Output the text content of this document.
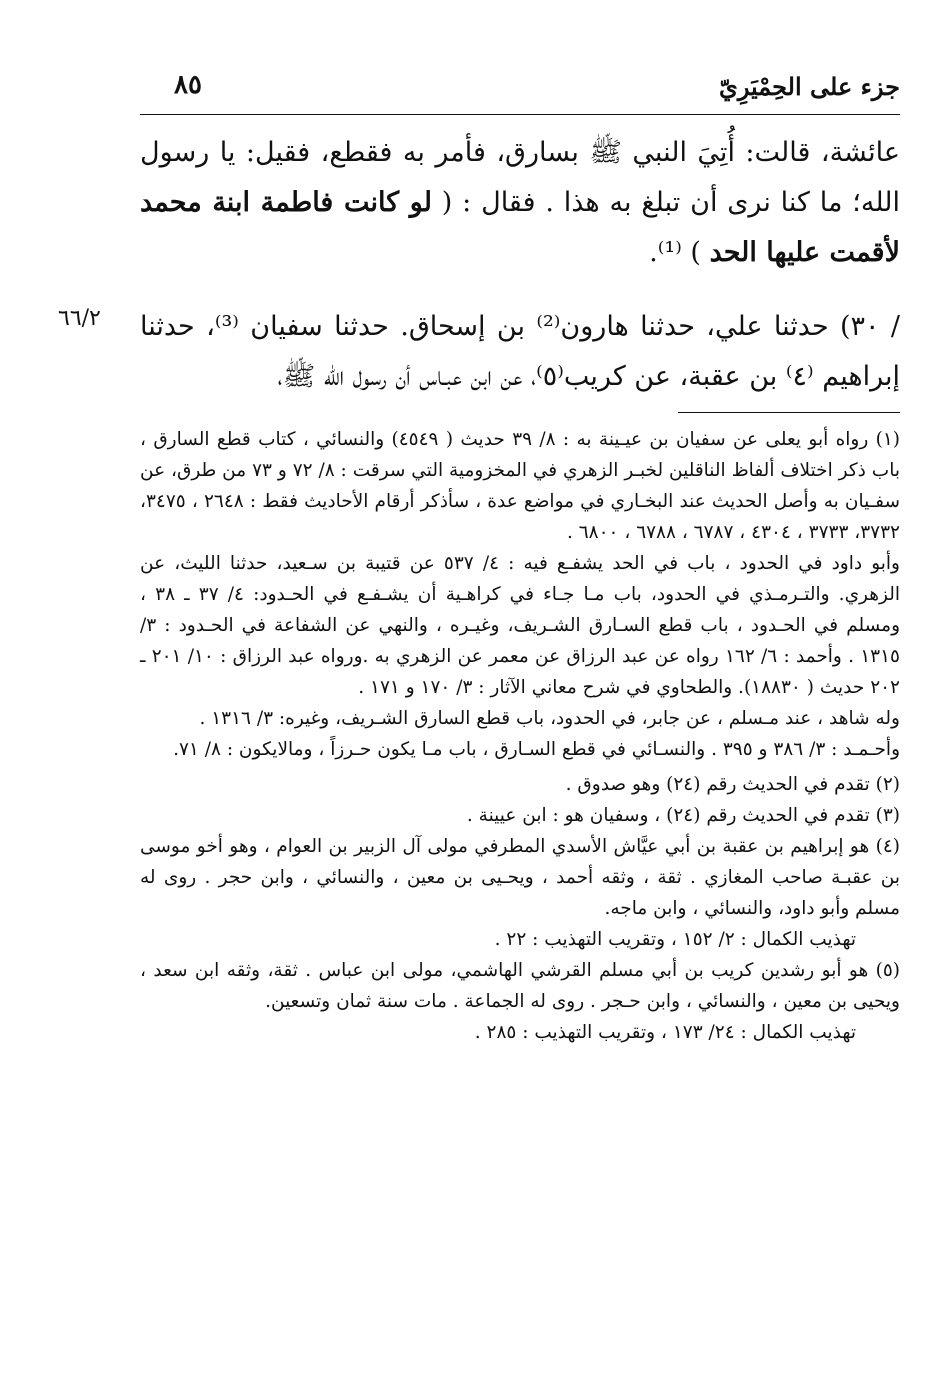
جزء على الحِمْيَرِيّ
٨٥

عائشة، قالت: أُتِيَ النبي ﷺ بسارق، فأمر به فقطع، فقيل: يا رسول الله؛ ما كنا نرى أن تبلغ به هذا . فقال : ( لو كانت فاطمة ابنة محمد لأقمت عليها الحد ) ⁽¹⁾.

/ ٣٠) حدثنا علي، حدثنا هارون⁽²⁾ بن إسحاق. حدثنا سفيان ⁽³⁾، حدثنا إبراهيم ⁽٤⁾ بن عقبة، عن كريب⁽٥⁾، عن ابن عبـاس أن رسول الله ﷺ،

٦٦/٢

(١) رواه أبو يعلى عن سفيان بن عيـينة به : ٨/ ٣٩ حديث ( ٤٥٤٩) والنسائي ، كتاب قطع السارق ، باب ذكر اختلاف ألفاظ الناقلين لخبـر الزهري في المخزومية التي سرقت : ٨/ ٧٢ و ٧٣ من طرق، عن سفـيان به وأصل الحديث عند البخـاري في مواضع عدة ، سأذكر أرقام الأحاديث فقط : ٢٦٤٨ ، ٣٤٧٥، ٣٧٣٢، ٣٧٣٣ ، ٤٣٠٤ ، ٦٧٨٧ ، ٦٧٨٨ ، ٦٨٠٠ .

وأبو داود في الحدود ، باب في الحد يشفـع فيه : ٤/ ٥٣٧ عن قتيبة بن سـعيد، حدثنا الليث، عن الزهري. والتـرمـذي في الحدود، باب مـا جـاء في كراهـية أن يشـفـع في الحـدود: ٤/ ٣٧ ـ ٣٨ ، ومسلم في الحـدود ، باب قطع السـارق الشـريف، وغيـره ، والنهي عن الشفاعة في الحـدود : ٣/ ١٣١٥ . وأحمد : ٦/ ١٦٢ رواه عن عبد الرزاق عن معمر عن الزهري به .ورواه عبد الرزاق : ١٠/ ٢٠١ ـ ٢٠٢ حديث ( ١٨٨٣٠). والطحاوي في شرح معاني الآثار : ٣/ ١٧٠ و ١٧١ .

وله شاهد ، عند مـسلم ، عن جابر، في الحدود، باب قطع السارق الشـريف، وغيره: ٣/ ١٣١٦ .

وأحـمـد : ٣/ ٣٨٦ و ٣٩٥ . والنسـائي في قطع السـارق ، باب مـا يكون حـرزاً ، ومالايكون : ٨/ ٧١.

(٢) تقدم في الحديث رقم (٢٤) وهو صدوق .

(٣) تقدم في الحديث رقم (٢٤) ، وسفيان هو : ابن عيينة .

(٤) هو إبراهيم بن عقبة بن أبي عيَّاش الأسدي المطرفي مولى آل الزبير بن العوام ، وهو أخو موسى بن عقبـة صاحب المغازي . ثقة ، وثقه أحمد ، ويحـيى بن معين ، والنسائي ، وابن حجر . روى له مسلم وأبو داود، والنسائي ، وابن ماجه.

تهذيب الكمال : ٢/ ١٥٢ ، وتقريب التهذيب : ٢٢ .

(٥) هو أبو رشدين كريب بن أبي مسلم القرشي الهاشمي، مولى ابن عباس . ثقة، وثقه ابن سعد ، ويحيى بن معين ، والنسائي ، وابن حـجر . روى له الجماعة . مات سنة ثمان وتسعين.

تهذيب الكمال : ٢٤/ ١٧٣ ، وتقريب التهذيب : ٢٨٥ .
